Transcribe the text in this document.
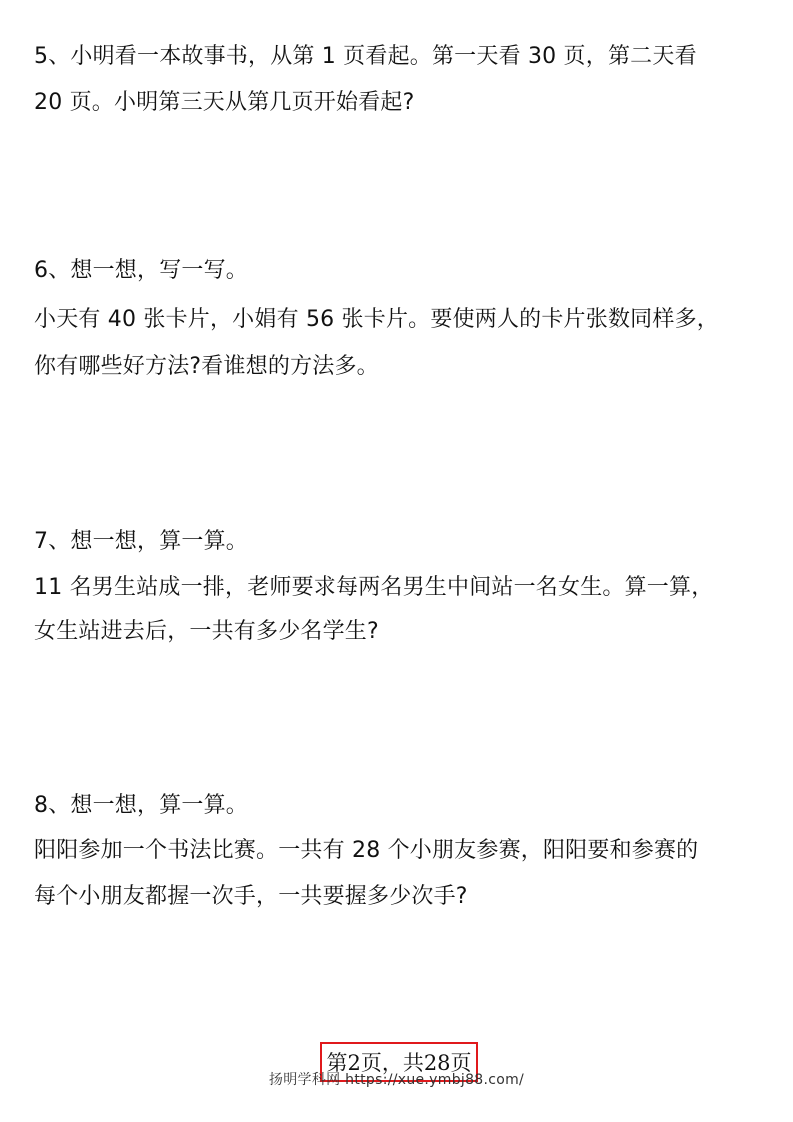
5、小明看一本故事书，从第 1 页看起。第一天看 30 页，第二天看
20 页。小明第三天从第几页开始看起?
6、想一想，写一写。
小天有 40 张卡片，小娟有 56 张卡片。要使两人的卡片张数同样多，
你有哪些好方法?看谁想的方法多。
7、想一想，算一算。
11 名男生站成一排，老师要求每两名男生中间站一名女生。算一算，
女生站进去后，一共有多少名学生?
8、想一想，算一算。
阳阳参加一个书法比赛。一共有 28 个小朋友参赛，阳阳要和参赛的
每个小朋友都握一次手，一共要握多少次手?
第2页，共28页
扬明学科网 https://xue.ymbj88.com/
